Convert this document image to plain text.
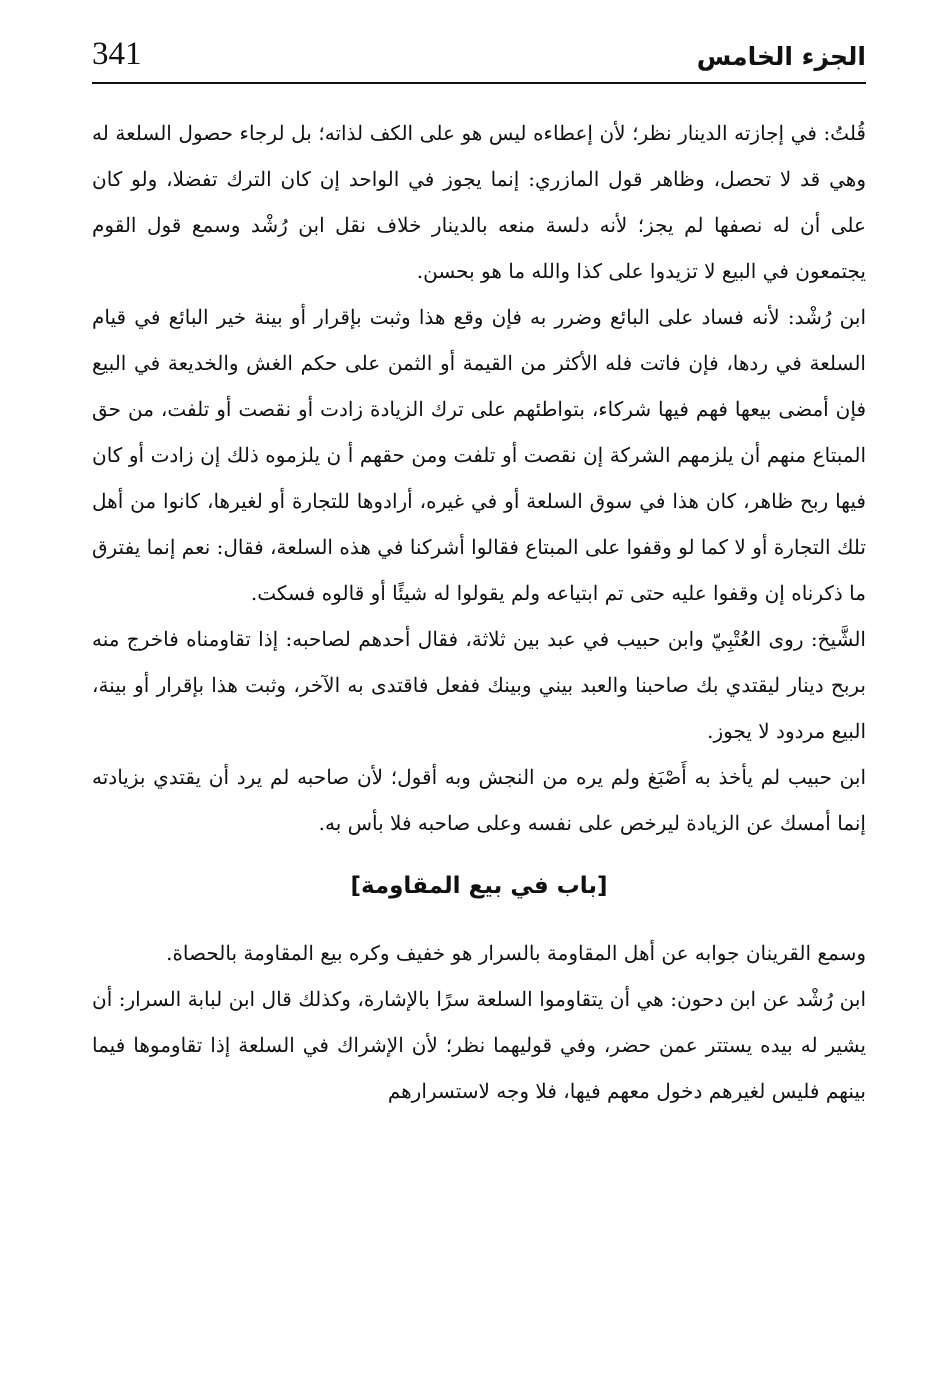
341	الجزء الخامس

قُلتُ: في إجازته الدينار نظر؛ لأن إعطاءه ليس هو على الكف لذاته؛ بل لرجاء حصول السلعة له وهي قد لا تحصل، وظاهر قول المازري: إنما يجوز في الواحد إن كان الترك تفضلا، ولو كان على أن له نصفها لم يجز؛ لأنه دلسة منعه بالدينار خلاف نقل ابن رُشْد وسمع قول القوم يجتمعون في البيع لا تزيدوا على كذا والله ما هو بحسن.

ابن رُشْد: لأنه فساد على البائع وضرر به فإن وقع هذا وثبت بإقرار أو بينة خير البائع في قيام السلعة في ردها، فإن فاتت فله الأكثر من القيمة أو الثمن على حكم الغش والخديعة في البيع فإن أمضى بيعها فهم فيها شركاء، بتواطئهم على ترك الزيادة زادت أو نقصت أو تلفت، من حق المبتاع منهم أن يلزمهم الشركة إن نقصت أو تلفت ومن حقهم أ ن يلزموه ذلك إن زادت أو كان فيها ربح ظاهر، كان هذا في سوق السلعة أو في غيره، أرادوها للتجارة أو لغيرها، كانوا من أهل تلك التجارة أو لا كما لو وقفوا على المبتاع فقالوا أشركنا في هذه السلعة، فقال: نعم إنما يفترق ما ذكرناه إن وقفوا عليه حتى تم ابتياعه ولم يقولوا له شيئًا أو قالوه فسكت.

الشَّيخ: روى العُتْبِيّ وابن حبيب في عبد بين ثلاثة، فقال أحدهم لصاحبه: إذا تقاومناه فاخرج منه بربح دينار ليقتدي بك صاحبنا والعبد بيني وبينك ففعل فاقتدى به الآخر، وثبت هذا بإقرار أو بينة، البيع مردود لا يجوز.

ابن حبيب لم يأخذ به أَصْبَغ ولم يره من النجش وبه أقول؛ لأن صاحبه لم يرد أن يقتدي بزيادته إنما أمسك عن الزيادة ليرخص على نفسه وعلى صاحبه فلا بأس به.

[باب في بيع المقاومة]

وسمع القرينان جوابه عن أهل المقاومة بالسرار هو خفيف وكره بيع المقاومة بالحصاة.

ابن رُشْد عن ابن دحون: هي أن يتقاوموا السلعة سرًا بالإشارة، وكذلك قال ابن لبابة السرار: أن يشير له بيده يستتر عمن حضر، وفي قوليهما نظر؛ لأن الإشراك في السلعة إذا تقاوموها فيما بينهم فليس لغيرهم دخول معهم فيها، فلا وجه لاستسرارهم
